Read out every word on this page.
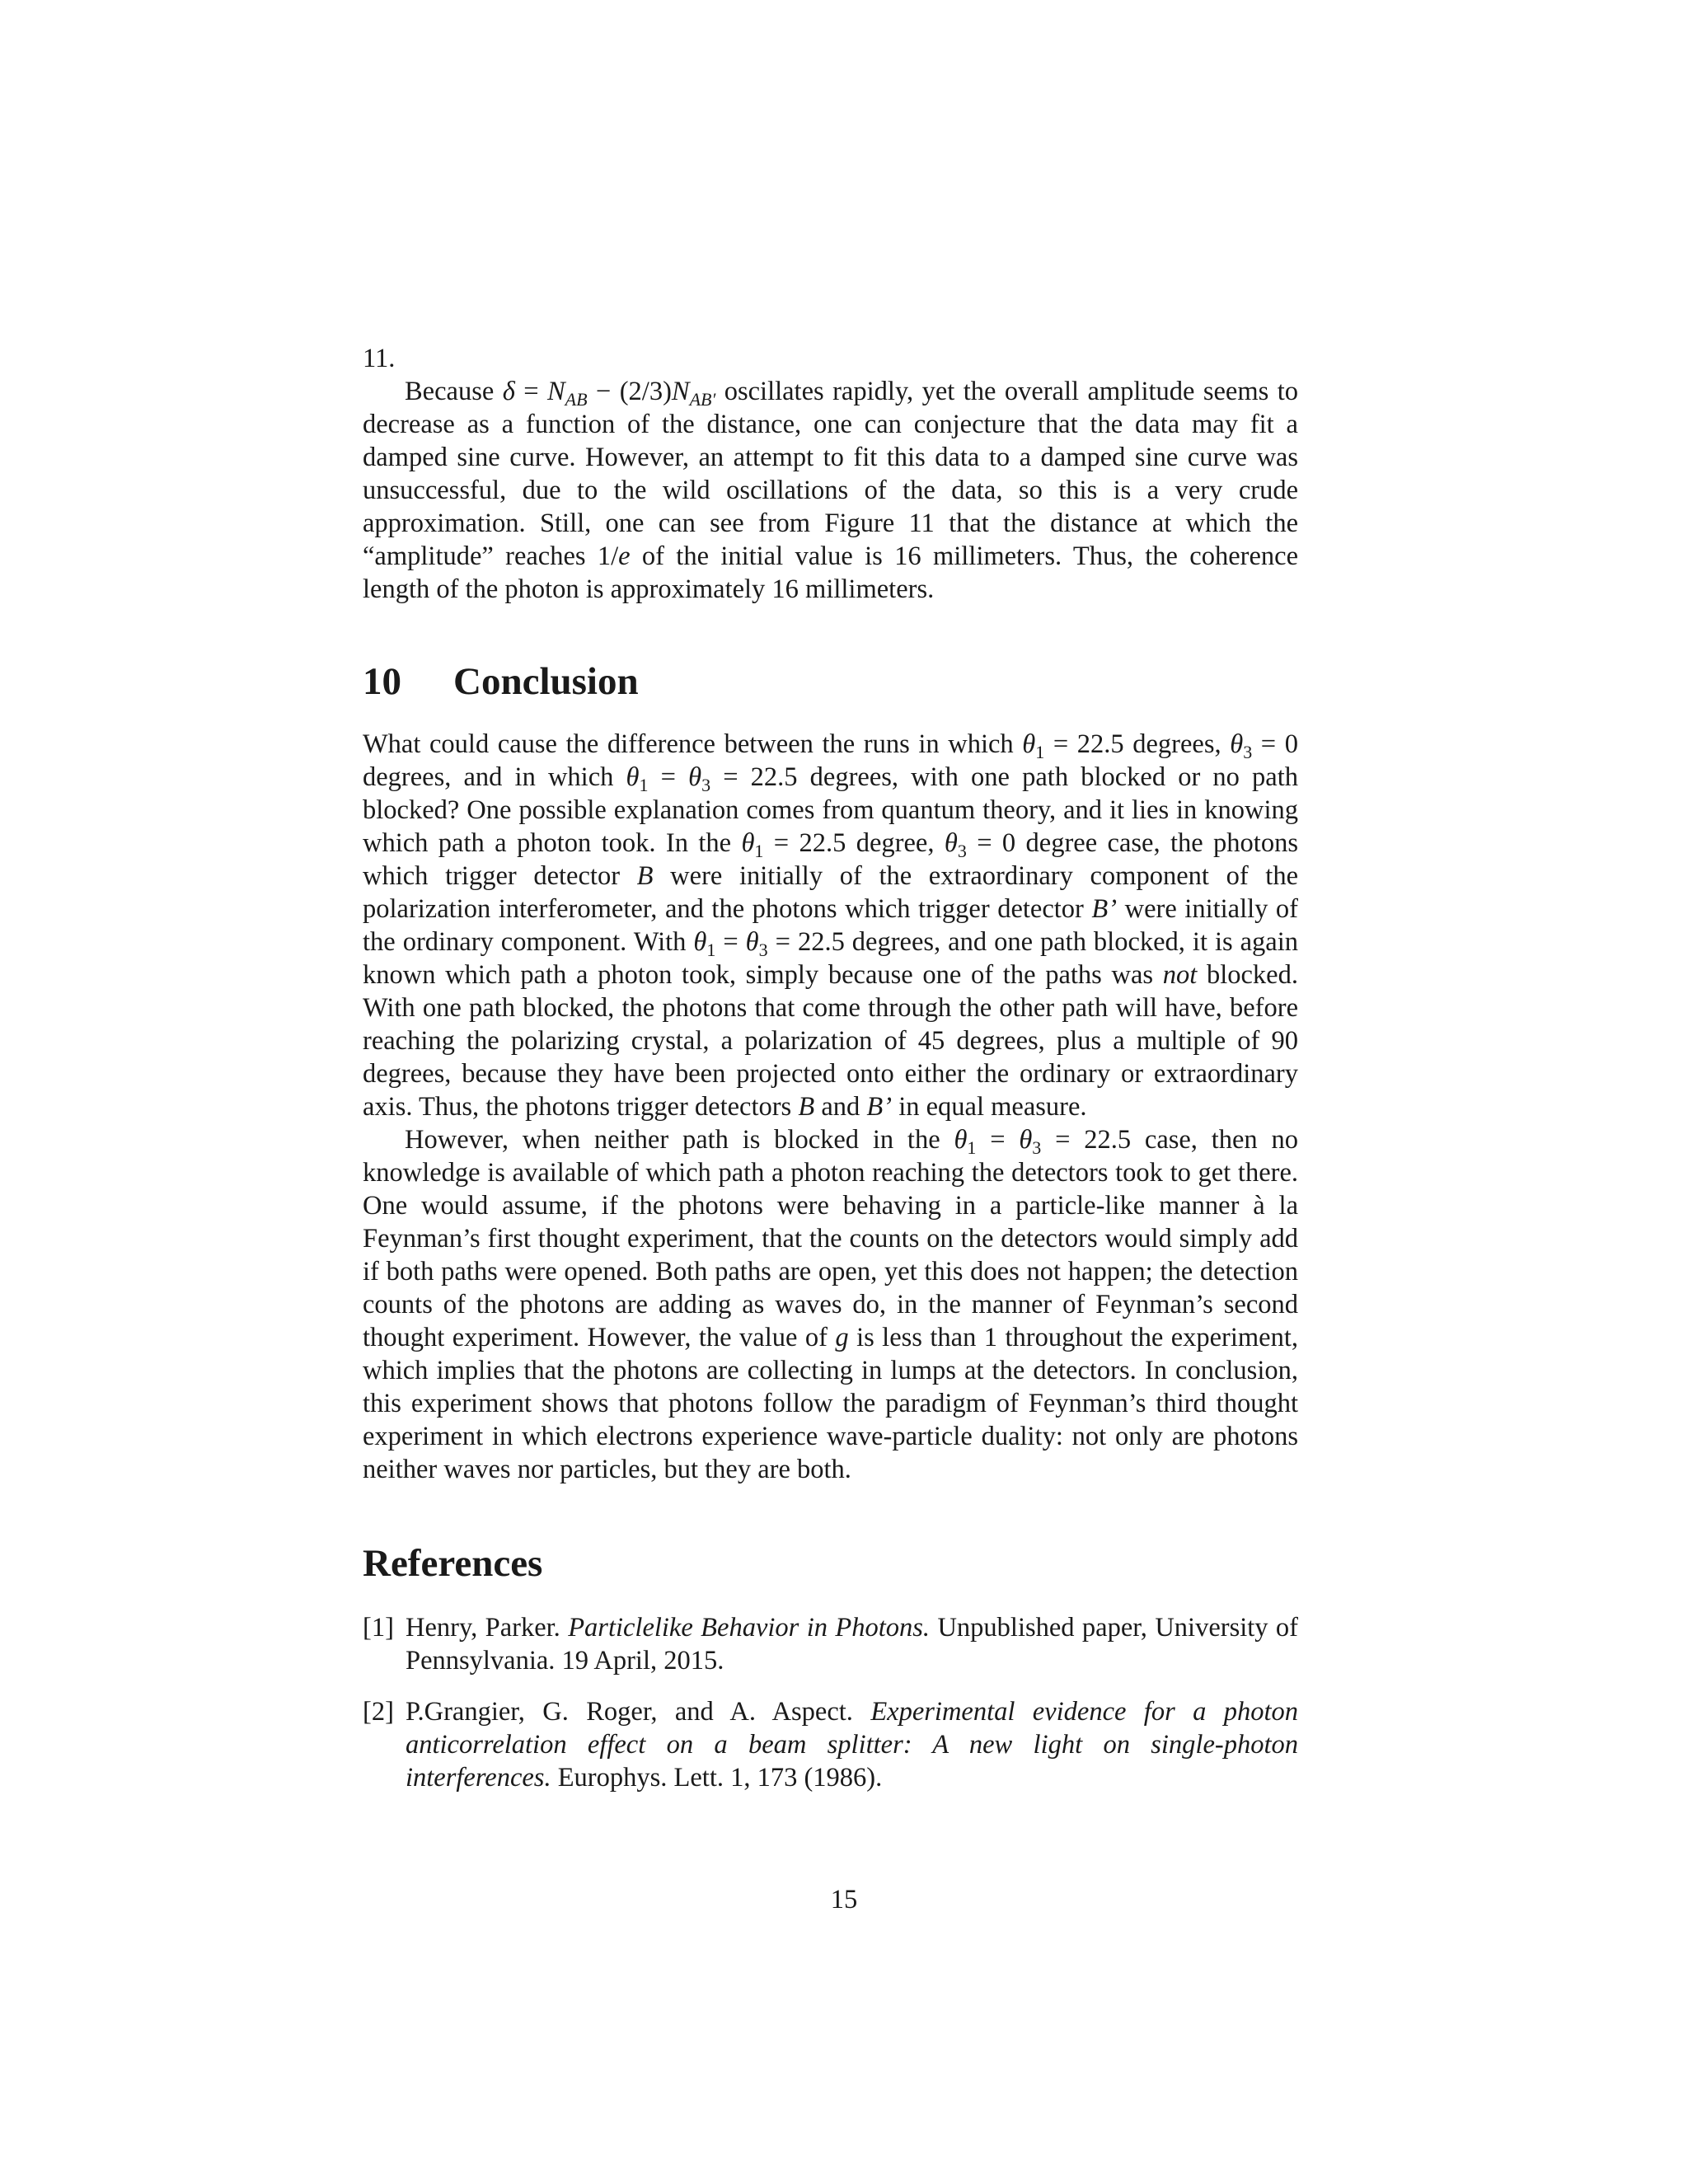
11.

Because $\delta = N_{AB} - (2/3)N_{AB'}$ oscillates rapidly, yet the overall amplitude seems to decrease as a function of the distance, one can conjecture that the data may fit a damped sine curve. However, an attempt to fit this data to a damped sine curve was unsuccessful, due to the wild oscillations of the data, so this is a very crude approximation. Still, one can see from Figure 11 that the distance at which the “amplitude” reaches 1/e of the initial value is 16 millimeters. Thus, the coherence length of the photon is approximately 16 millimeters.

10 Conclusion

What could cause the difference between the runs in which $\theta_1 = 22.5$ degrees, $\theta_3 = 0$ degrees, and in which $\theta_1 = \theta_3 = 22.5$ degrees, with one path blocked or no path blocked? One possible explanation comes from quantum theory, and it lies in knowing which path a photon took. In the $\theta_1 = 22.5$ degree, $\theta_3 = 0$ degree case, the photons which trigger detector B were initially of the extraordinary component of the polarization interferometer, and the photons which trigger detector B’ were initially of the ordinary component. With $\theta_1 = \theta_3 = 22.5$ degrees, and one path blocked, it is again known which path a photon took, simply because one of the paths was not blocked. With one path blocked, the photons that come through the other path will have, before reaching the polarizing crystal, a polarization of 45 degrees, plus a multiple of 90 degrees, because they have been projected onto either the ordinary or extraordinary axis. Thus, the photons trigger detectors B and B’ in equal measure.

However, when neither path is blocked in the $\theta_1 = \theta_3 = 22.5$ case, then no knowledge is available of which path a photon reaching the detectors took to get there. One would assume, if the photons were behaving in a particle-like manner à la Feynman’s first thought experiment, that the counts on the detectors would simply add if both paths were opened. Both paths are open, yet this does not happen; the detection counts of the photons are adding as waves do, in the manner of Feynman’s second thought experiment. However, the value of g is less than 1 throughout the experiment, which implies that the photons are collecting in lumps at the detectors. In conclusion, this experiment shows that photons follow the paradigm of Feynman’s third thought experiment in which electrons experience wave-particle duality: not only are photons neither waves nor particles, but they are both.

References
[1] Henry, Parker. Particlelike Behavior in Photons. Unpublished paper, University of Pennsylvania. 19 April, 2015.
[2] P.Grangier, G. Roger, and A. Aspect. Experimental evidence for a photon anticorrelation effect on a beam splitter: A new light on single-photon interferences. Europhys. Lett. 1, 173 (1986).
15
